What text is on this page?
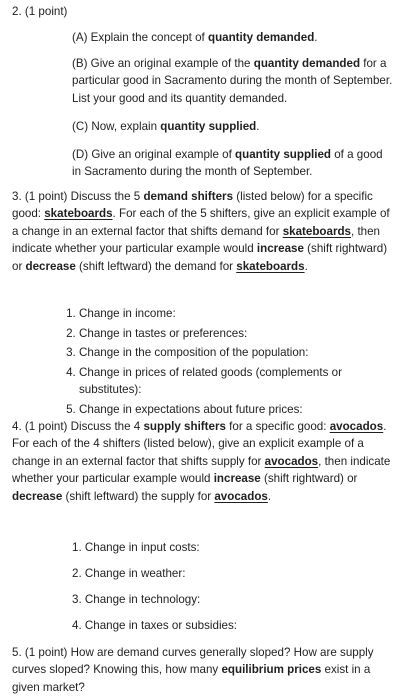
2. (1 point)

(A) Explain the concept of quantity demanded.

(B) Give an original example of the quantity demanded for a particular good in Sacramento during the month of September. List your good and its quantity demanded.

(C) Now, explain quantity supplied.

(D) Give an original example of quantity supplied of a good in Sacramento during the month of September.

3. (1 point) Discuss the 5 demand shifters (listed below) for a specific good: skateboards. For each of the 5 shifters, give an explicit example of a change in an external factor that shifts demand for skateboards, then indicate whether your particular example would increase (shift rightward) or decrease (shift leftward) the demand for skateboards.

1. Change in income:
2. Change in tastes or preferences:
3. Change in the composition of the population:
4. Change in prices of related goods (complements or substitutes):
5. Change in expectations about future prices:

4. (1 point) Discuss the 4 supply shifters for a specific good: avocados. For each of the 4 shifters (listed below), give an explicit example of a change in an external factor that shifts supply for avocados, then indicate whether your particular example would increase (shift rightward) or decrease (shift leftward) the supply for avocados.

1. Change in input costs:

2. Change in weather:

3. Change in technology:

4. Change in taxes or subsidies:

5. (1 point) How are demand curves generally sloped? How are supply curves sloped? Knowing this, how many equilibrium prices exist in a given market?
